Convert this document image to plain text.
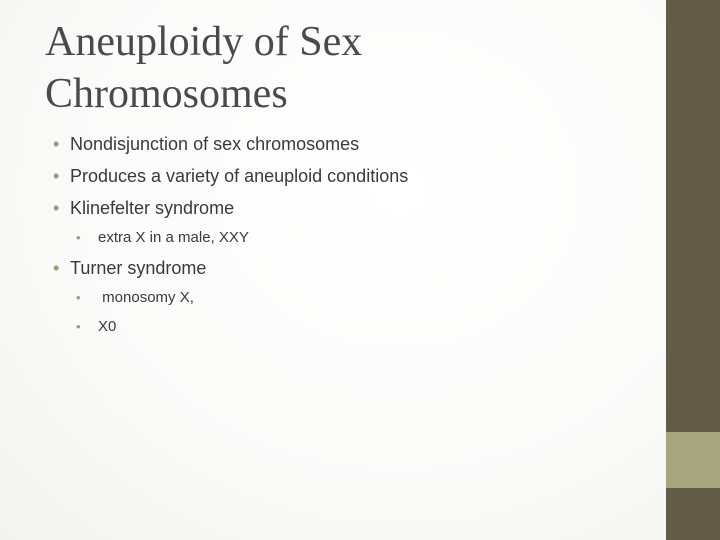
Aneuploidy of Sex
Chromosomes
• Nondisjunction of sex chromosomes
• Produces a variety of aneuploid conditions
• Klinefelter syndrome
• extra X in a male, XXY
• Turner syndrome
• monosomy X,
• X0
